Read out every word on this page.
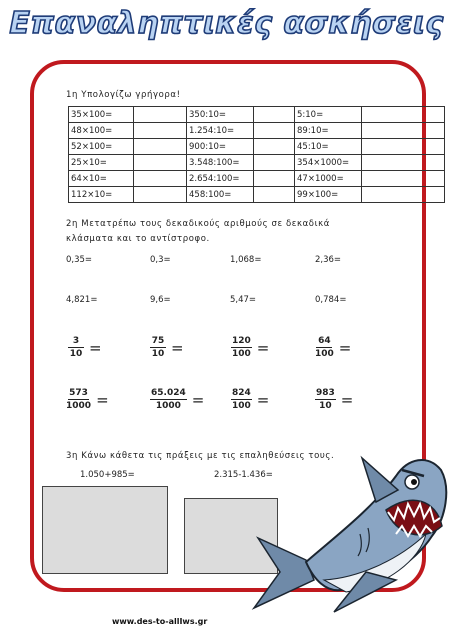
Επαναληπτικές ασκήσεις
1η Υπολογίζω γρήγορα!
35×100=		350:10=		5:10=	
48×100=		1.254:10=		89:10=	
52×100=		900:10=		45:10=	
25×10=		3.548:100=		354×1000=	
64×10=		2.654:100=		47×1000=	
112×10=		458:100=		99×100=	
2η Μετατρέπω τους δεκαδικούς αριθμούς σε δεκαδικά
κλάσματα και το αντίστροφο.
0,35=	0,3=	1,068=	2,36=
4,821=	9,6=	5,47=	0,784=
$\frac{3}{10}$ =	$\frac{75}{10}$ =	$\frac{120}{100}$ =	$\frac{64}{100}$ =
$\frac{573}{1000}$ =	$\frac{65.024}{1000}$ =	$\frac{824}{100}$ =	$\frac{983}{10}$ =
3η Κάνω κάθετα τις πράξεις με τις επαληθεύσεις τους.
1.050+985=	2.315-1.436=
www.des-to-allIws.gr
